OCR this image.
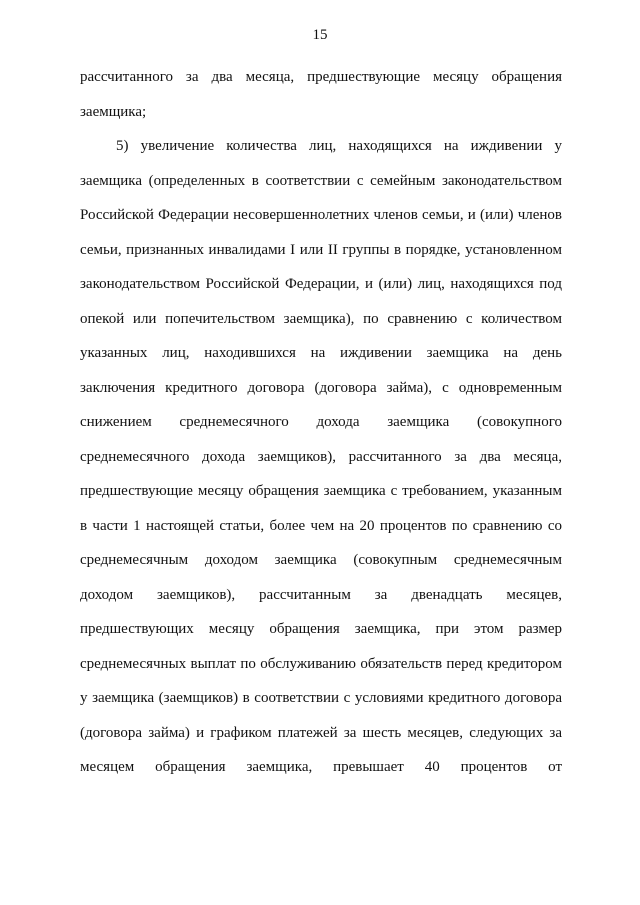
15
рассчитанного за два месяца, предшествующие месяцу обращения
заемщика;
5) увеличение количества лиц, находящихся на иждивении у
заемщика (определенных в соответствии с семейным законодательством
Российской Федерации несовершеннолетних членов семьи, и (или) членов
семьи, признанных инвалидами I или II группы в порядке, установленном
законодательством Российской Федерации, и (или) лиц, находящихся под
опекой или попечительством заемщика), по сравнению с количеством
указанных лиц, находившихся на иждивении заемщика на день
заключения кредитного договора (договора займа), с одновременным
снижением среднемесячного дохода заемщика (совокупного
среднемесячного дохода заемщиков), рассчитанного за два месяца,
предшествующие месяцу обращения заемщика с требованием, указанным
в части 1 настоящей статьи, более чем на 20 процентов по сравнению со
среднемесячным доходом заемщика (совокупным среднемесячным
доходом заемщиков), рассчитанным за двенадцать месяцев,
предшествующих месяцу обращения заемщика, при этом размер
среднемесячных выплат по обслуживанию обязательств перед кредитором
у заемщика (заемщиков) в соответствии с условиями кредитного договора
(договора займа) и графиком платежей за шесть месяцев, следующих за
месяцем обращения заемщика, превышает 40 процентов от
